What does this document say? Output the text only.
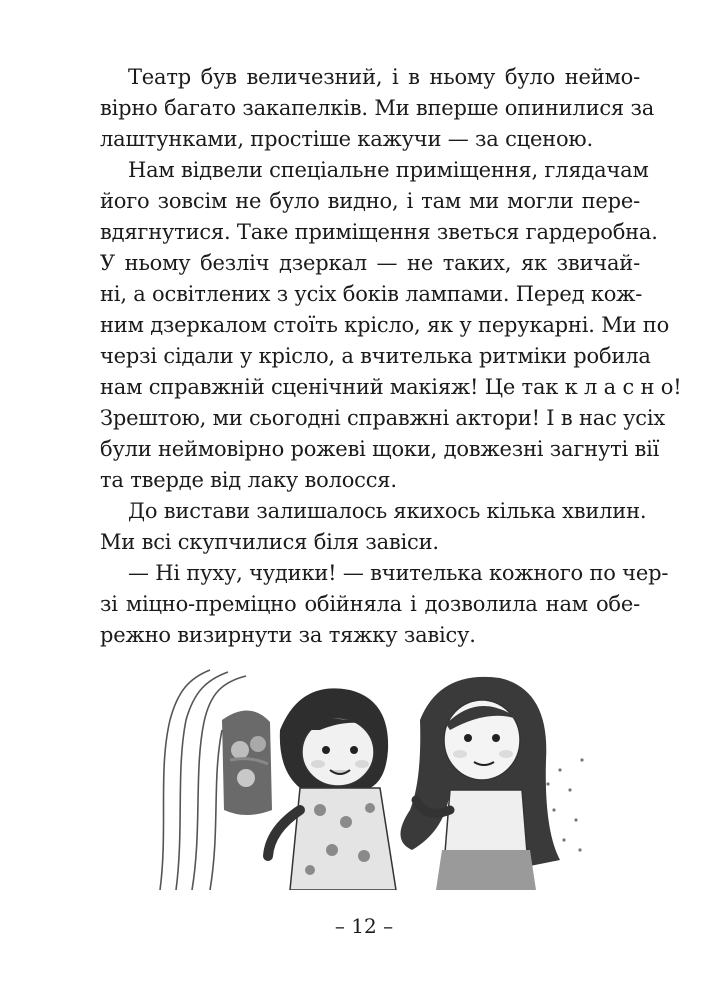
Театр був величезний, і в ньому було неймо-
вірно багато закапелків. Ми вперше опинилися за
лаштунками, простіше кажучи — за сценою.
Нам відвели спеціальне приміщення, глядачам
його зовсім не було видно, і там ми могли пере-
вдягнутися. Таке приміщення зветься гардеробна.
У ньому безліч дзеркал — не таких, як звичай-
ні, а освітлених з усіх боків лампами. Перед кож-
ним дзеркалом стоїть крісло, як у перукарні. Ми по
черзі сідали у крісло, а вчителька ритміки робила
нам справжній сценічний макіяж! Це так к л а с н о!
Зрештою, ми сьогодні справжні актори! І в нас усіх
були неймовірно рожеві щоки, довжезні загнуті вії
та тверде від лаку волосся.
До вистави залишалось якихось кілька хвилин.
Ми всі скупчилися біля завіси.
— Ні пуху, чудики! — вчителька кожного по чер-
зі міцно-преміцно обійняла і дозволила нам обе-
режно визирнути за тяжку завісу.
– 12 –
